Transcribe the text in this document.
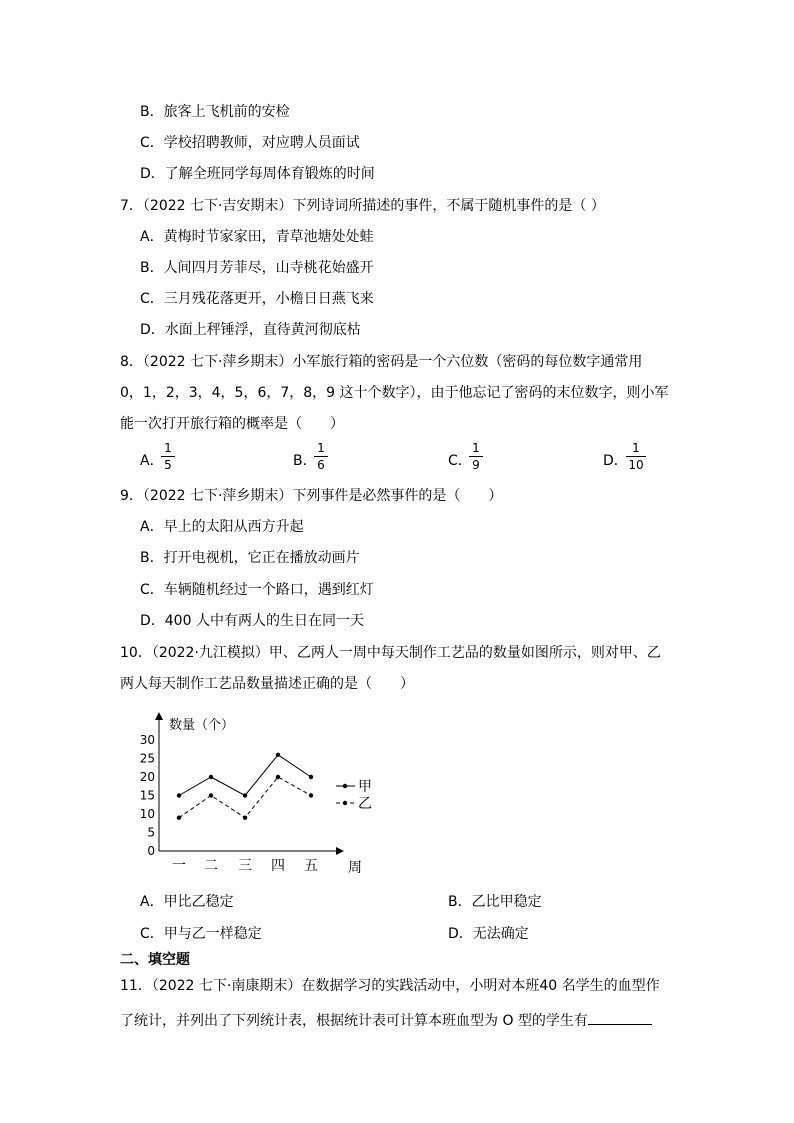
B．旅客上飞机前的安检
C．学校招聘教师，对应聘人员面试
D．了解全班同学每周体育锻炼的时间
7．（2022 七下·吉安期末）下列诗词所描述的事件，不属于随机事件的是（ ）
A．黄梅时节家家田，青草池塘处处蛙
B．人间四月芳菲尽，山寺桃花始盛开
C．三月残花落更开，小檐日日燕飞来
D．水面上秤锤浮，直待黄河彻底枯
8．（2022 七下·萍乡期末）小军旅行箱的密码是一个六位数（密码的每位数字通常用
0，1，2，3，4，5，6，7，8，9 这十个数字），由于他忘记了密码的末位数字，则小军
能一次打开旅行箱的概率是（　　）
A．
1
5	B．
1
6	C．
1
9	D．
1
10
9．（2022 七下·萍乡期末）下列事件是必然事件的是（　　）
A．早上的太阳从西方升起
B．打开电视机，它正在播放动画片
C．车辆随机经过一个路口，遇到红灯
D．400 人中有两人的生日在同一天
10．（2022·九江模拟）甲、乙两人一周中每天制作工艺品的数量如图所示，则对甲、乙
两人每天制作工艺品数量描述正确的是（　　）
0
5
10
15
20
25
30
数量（个）
一 二 三 四 五 周
甲
乙
A．甲比乙稳定	B．乙比甲稳定
C．甲与乙一样稳定	D．无法确定
二、填空题
11．（2022 七下·南康期末）在数据学习的实践活动中，小明对本班40 名学生的血型作
了统计，并列出了下列统计表，根据统计表可计算本班血型为 O 型的学生有
